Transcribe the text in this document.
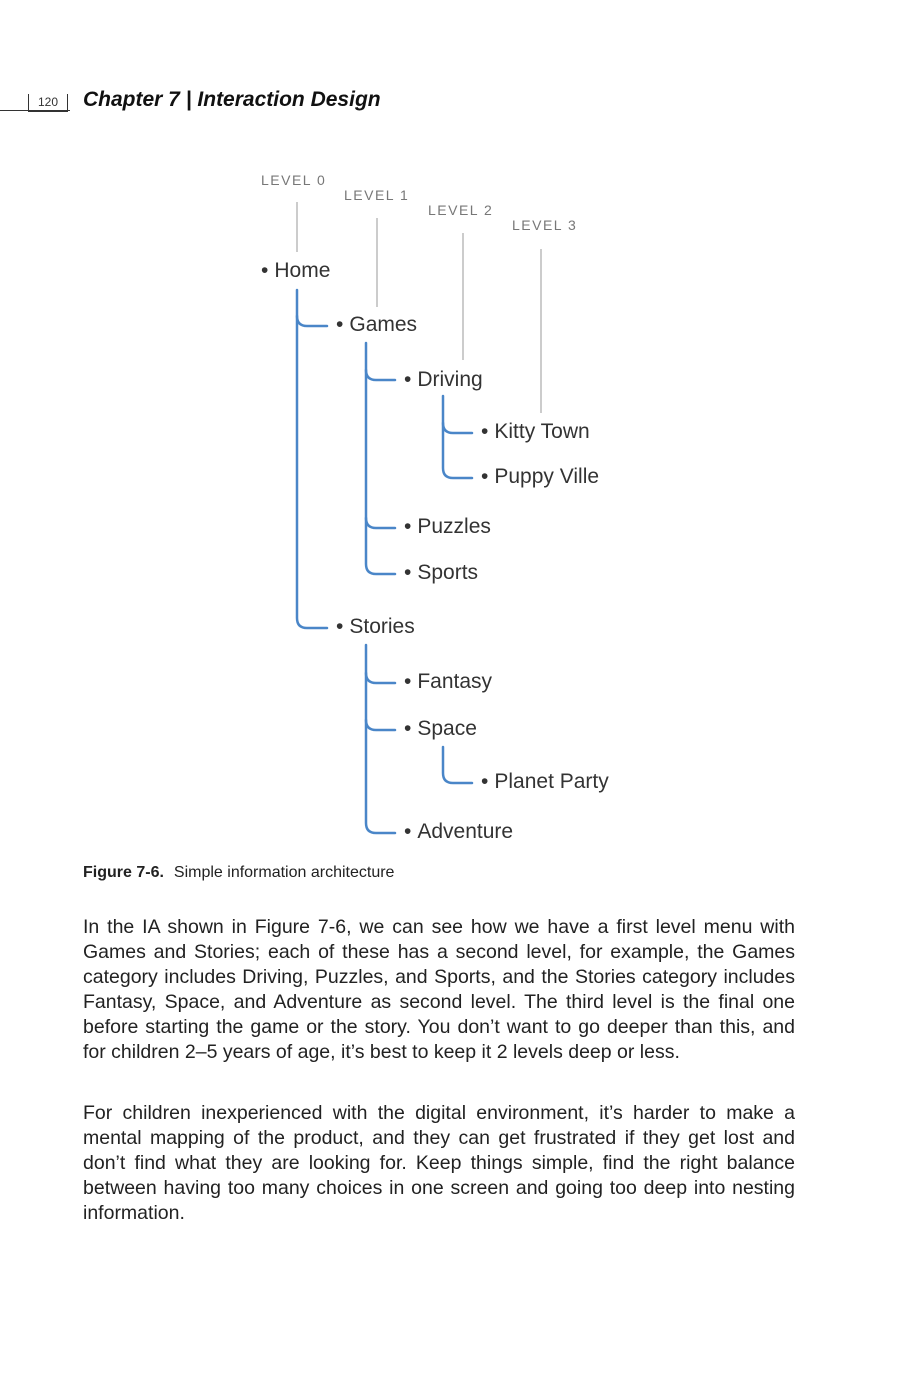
120	Chapter 7 | Interaction Design
LEVEL 0
LEVEL 1
LEVEL 2
LEVEL 3
• Home
• Games
• Driving
• Kitty Town
• Puppy Ville
• Puzzles
• Sports
• Stories
• Fantasy
• Space
• Planet Party
• Adventure
Figure 7-6. Simple information architecture

In the IA shown in Figure 7-6, we can see how we have a first level menu with Games and Stories; each of these has a second level, for example, the Games category includes Driving, Puzzles, and Sports, and the Stories category includes Fantasy, Space, and Adventure as second level. The third level is the final one before starting the game or the story. You don’t want to go deeper than this, and for children 2–5 years of age, it’s best to keep it 2 levels deep or less.

For children inexperienced with the digital environment, it’s harder to make a mental mapping of the product, and they can get frustrated if they get lost and don’t find what they are looking for. Keep things simple, find the right balance between having too many choices in one screen and going too deep into nesting information.
